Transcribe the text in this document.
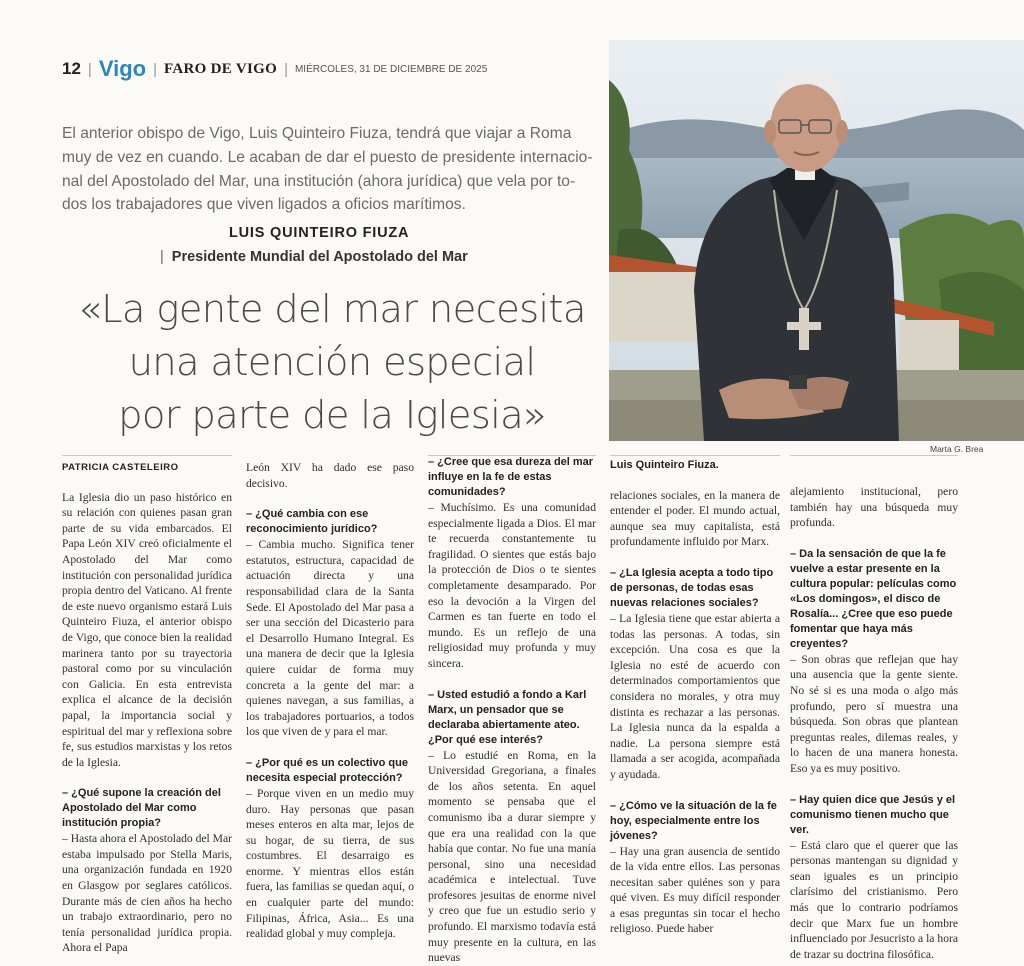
12 | Vigo | FARO DE VIGO | MIÉRCOLES, 31 DE DICIEMBRE DE 2025
El anterior obispo de Vigo, Luis Quinteiro Fiuza, tendrá que viajar a Roma
muy de vez en cuando. Le acaban de dar el puesto de presidente internacio-
nal del Apostolado del Mar, una institución (ahora jurídica) que vela por to-
dos los trabajadores que viven ligados a oficios marítimos.
LUIS QUINTEIRO FIUZA
| Presidente Mundial del Apostolado del Mar
«La gente del mar necesita
una atención especial
por parte de la Iglesia»
Marta G. Brea
PATRICIA CASTELEIRO
La Iglesia dio un paso histórico en su relación con quienes pasan gran parte de su vida embarcados. El Papa León XIV creó oficialmente el Apostolado del Mar como institución con personalidad jurídica propia dentro del Vaticano. Al frente de este nuevo organismo estará Luis Quinteiro Fiuza, el anterior obispo de Vigo, que conoce bien la realidad marinera tanto por su trayectoria pastoral como por su vinculación con Galicia. En esta entrevista explica el alcance de la decisión papal, la importancia social y espiritual del mar y reflexiona sobre fe, sus estudios marxistas y los retos de la Iglesia.
– ¿Qué supone la creación del Apostolado del Mar como institución propia?
– Hasta ahora el Apostolado del Mar estaba impulsado por Stella Maris, una organización fundada en 1920 en Glasgow por seglares católicos. Durante más de cien años ha hecho un trabajo extraordinario, pero no tenía personalidad jurídica propia. Ahora el Papa
León XIV ha dado ese paso decisivo.
– ¿Qué cambia con ese reconocimiento jurídico?
– Cambia mucho. Significa tener estatutos, estructura, capacidad de actuación directa y una responsabilidad clara de la Santa Sede. El Apostolado del Mar pasa a ser una sección del Dicasterio para el Desarrollo Humano Integral. Es una manera de decir que la Iglesia quiere cuidar de forma muy concreta a la gente del mar: a quienes navegan, a sus familias, a los trabajadores portuarios, a todos los que viven de y para el mar.
– ¿Por qué es un colectivo que necesita especial protección?
– Porque viven en un medio muy duro. Hay personas que pasan meses enteros en alta mar, lejos de su hogar, de su tierra, de sus costumbres. El desarraigo es enorme. Y mientras ellos están fuera, las familias se quedan aquí, o en cualquier parte del mundo: Filipinas, África, Asia... Es una realidad global y muy compleja.
– ¿Cree que esa dureza del mar influye en la fe de estas comunidades?
– Muchísimo. Es una comunidad especialmente ligada a Dios. El mar te recuerda constantemente tu fragilidad. O sientes que estás bajo la protección de Dios o te sientes completamente desamparado. Por eso la devoción a la Virgen del Carmen es tan fuerte en todo el mundo. Es un reflejo de una religiosidad muy profunda y muy sincera.
– Usted estudió a fondo a Karl Marx, un pensador que se declaraba abiertamente ateo. ¿Por qué ese interés?
– Lo estudié en Roma, en la Universidad Gregoriana, a finales de los años setenta. En aquel momento se pensaba que el comunismo iba a durar siempre y que era una realidad con la que había que contar. No fue una manía personal, sino una necesidad académica e intelectual. Tuve profesores jesuitas de enorme nivel y creo que fue un estudio serio y profundo. El marxismo todavía está muy presente en la cultura, en las nuevas
Luis Quinteiro Fiuza.
relaciones sociales, en la manera de entender el poder. El mundo actual, aunque sea muy capitalista, está profundamente influido por Marx.
– ¿La Iglesia acepta a todo tipo de personas, de todas esas nuevas relaciones sociales?
– La Iglesia tiene que estar abierta a todas las personas. A todas, sin excepción. Una cosa es que la Iglesia no esté de acuerdo con determinados comportamientos que considera no morales, y otra muy distinta es rechazar a las personas. La Iglesia nunca da la espalda a nadie. La persona siempre está llamada a ser acogida, acompañada y ayudada.
– ¿Cómo ve la situación de la fe hoy, especialmente entre los jóvenes?
– Hay una gran ausencia de sentido de la vida entre ellos. Las personas necesitan saber quiénes son y para qué viven. Es muy difícil responder a esas preguntas sin tocar el hecho religioso. Puede haber
alejamiento institucional, pero también hay una búsqueda muy profunda.
– Da la sensación de que la fe vuelve a estar presente en la cultura popular: películas como «Los domingos», el disco de Rosalía... ¿Cree que eso puede fomentar que haya más creyentes?
– Son obras que reflejan que hay una ausencia que la gente siente. No sé si es una moda o algo más profundo, pero sí muestra una búsqueda. Son obras que plantean preguntas reales, dilemas reales, y lo hacen de una manera honesta. Eso ya es muy positivo.
– Hay quien dice que Jesús y el comunismo tienen mucho que ver.
– Está claro que el querer que las personas mantengan su dignidad y sean iguales es un principio clarísimo del cristianismo. Pero más que lo contrario podríamos decir que Marx fue un hombre influenciado por Jesucristo a la hora de trazar su doctrina filosófica.
